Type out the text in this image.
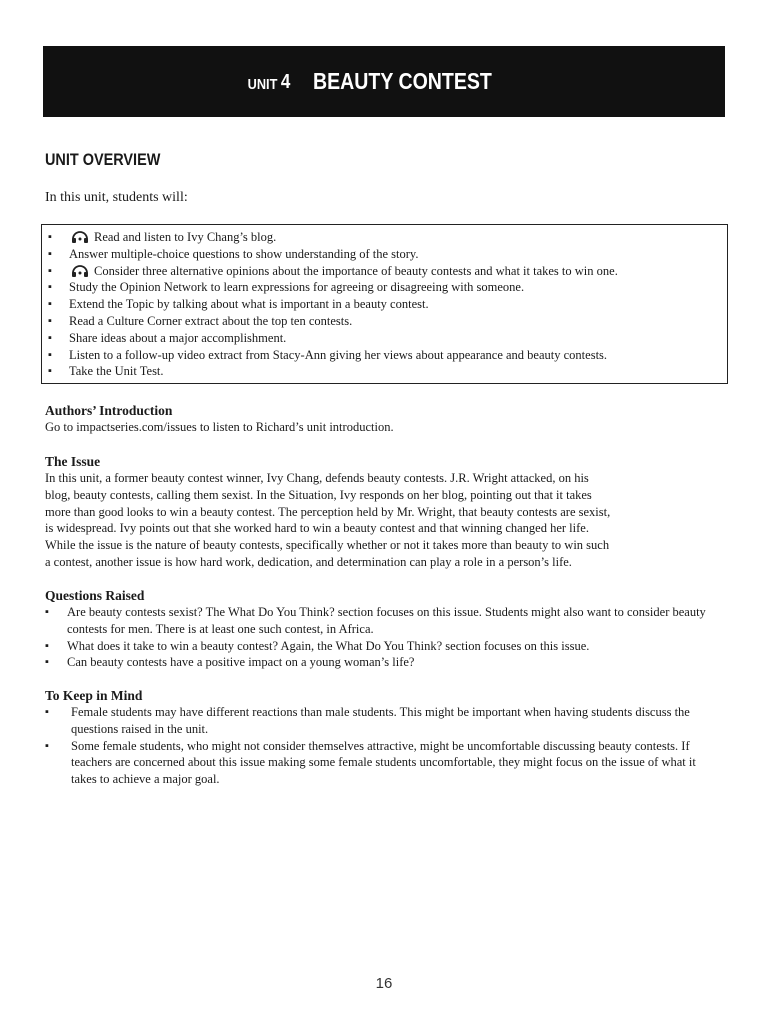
UNIT 4 BEAUTY CONTEST
UNIT OVERVIEW
In this unit, students will:
▪ Read and listen to Ivy Chang’s blog.
▪ Answer multiple-choice questions to show understanding of the story.
▪ Consider three alternative opinions about the importance of beauty contests and what it takes to win one.
▪ Study the Opinion Network to learn expressions for agreeing or disagreeing with someone.
▪ Extend the Topic by talking about what is important in a beauty contest.
▪ Read a Culture Corner extract about the top ten contests.
▪ Share ideas about a major accomplishment.
▪ Listen to a follow-up video extract from Stacy-Ann giving her views about appearance and beauty contests.
▪ Take the Unit Test.
Authors’ Introduction
Go to impactseries.com/issues to listen to Richard’s unit introduction.
The Issue
In this unit, a former beauty contest winner, Ivy Chang, defends beauty contests. J.R. Wright attacked, on his
blog, beauty contests, calling them sexist. In the Situation, Ivy responds on her blog, pointing out that it takes
more than good looks to win a beauty contest. The perception held by Mr. Wright, that beauty contests are sexist,
is widespread. Ivy points out that she worked hard to win a beauty contest and that winning changed her life.
While the issue is the nature of beauty contests, specifically whether or not it takes more than beauty to win such
a contest, another issue is how hard work, dedication, and determination can play a role in a person’s life.
Questions Raised
▪ Are beauty contests sexist? The What Do You Think? section focuses on this issue. Students might also want to consider beauty contests for men. There is at least one such contest, in Africa.
▪ What does it take to win a beauty contest? Again, the What Do You Think? section focuses on this issue.
▪ Can beauty contests have a positive impact on a young woman’s life?
To Keep in Mind
▪ Female students may have different reactions than male students. This might be important when having students discuss the questions raised in the unit.
▪ Some female students, who might not consider themselves attractive, might be uncomfortable discussing beauty contests. If teachers are concerned about this issue making some female students uncomfortable, they might focus on the issue of what it takes to achieve a major goal.
16
